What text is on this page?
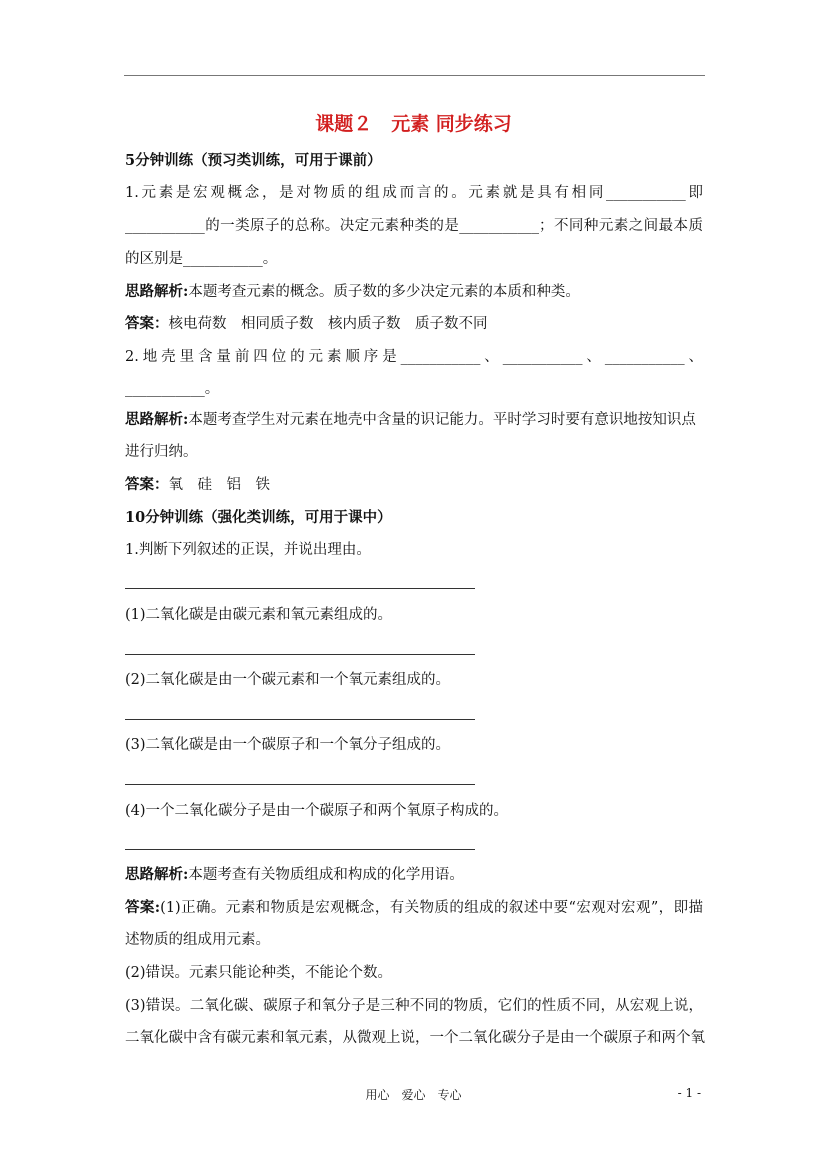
课题２　元素 同步练习
5分钟训练（预习类训练，可用于课前）
1.元素是宏观概念，是对物质的组成而言的。元素就是具有相同___________即
___________的一类原子的总称。决定元素种类的是___________；不同种元素之间最本质
的区别是___________。
思路解析:本题考查元素的概念。质子数的多少决定元素的本质和种类。
答案：核电荷数　相同质子数　核内质子数　质子数不同
2.地壳里含量前四位的元素顺序是___________、___________、___________、
___________。
思路解析:本题考查学生对元素在地壳中含量的识记能力。平时学习时要有意识地按知识点
进行归纳。
答案：氧　硅　铝　铁
10分钟训练（强化类训练，可用于课中）
1.判断下列叙述的正误，并说出理由。
(1)二氧化碳是由碳元素和氧元素组成的。
(2)二氧化碳是由一个碳元素和一个氧元素组成的。
(3)二氧化碳是由一个碳原子和一个氧分子组成的。
(4)一个二氧化碳分子是由一个碳原子和两个氧原子构成的。
思路解析:本题考查有关物质组成和构成的化学用语。
答案:(1)正确。元素和物质是宏观概念，有关物质的组成的叙述中要“宏观对宏观”，即描
述物质的组成用元素。
(2)错误。元素只能论种类，不能论个数。
(3)错误。二氧化碳、碳原子和氧分子是三种不同的物质，它们的性质不同，从宏观上说，
二氧化碳中含有碳元素和氧元素，从微观上说，一个二氧化碳分子是由一个碳原子和两个氧
用心　爱心　专心	- 1 -
